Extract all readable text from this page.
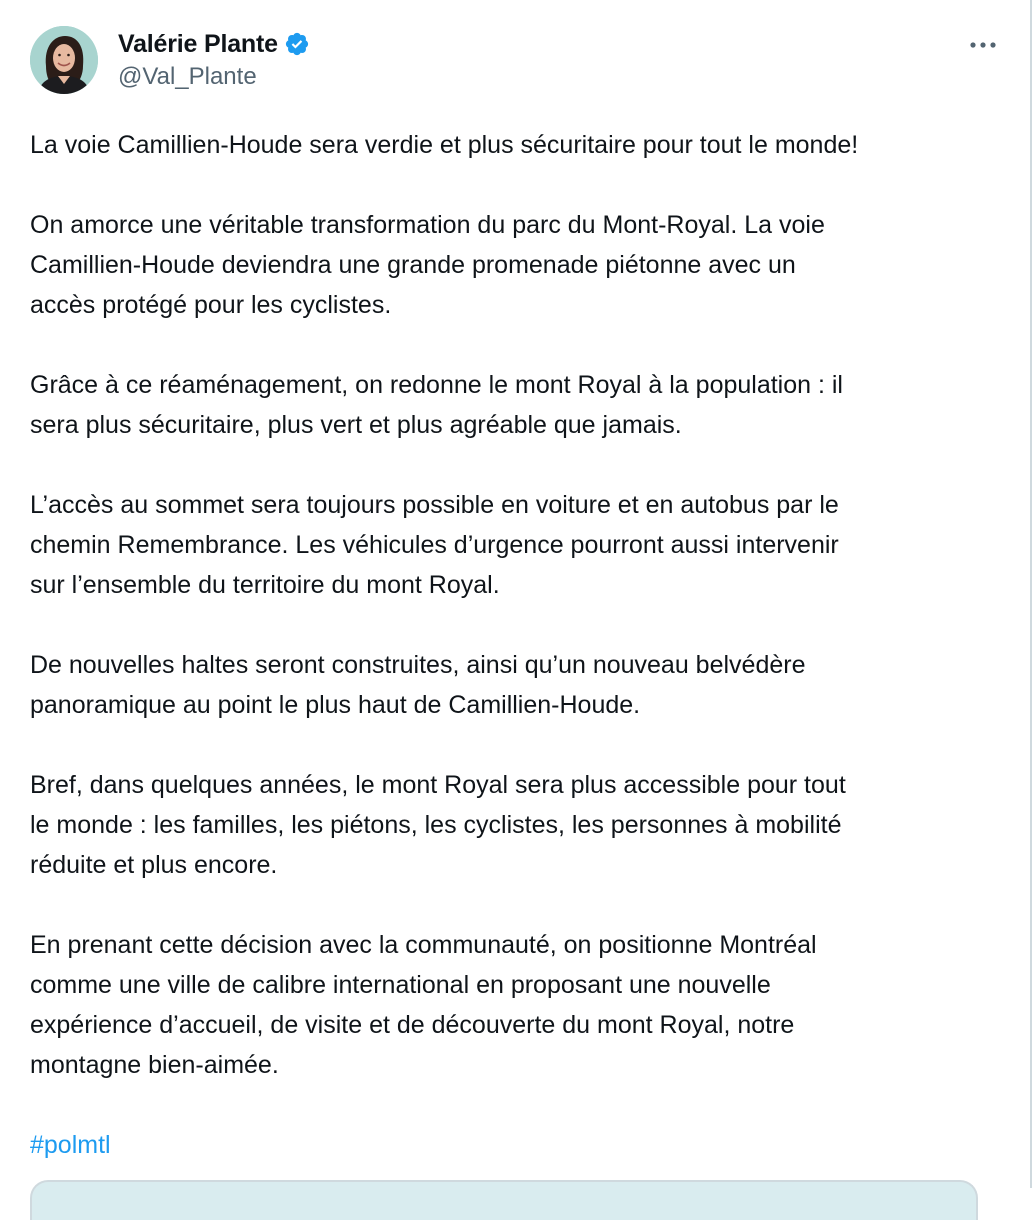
Valérie Plante
@Val_Plante

La voie Camillien-Houde sera verdie et plus sécuritaire pour tout le monde!

On amorce une véritable transformation du parc du Mont-Royal. La voie
Camillien-Houde deviendra une grande promenade piétonne avec un
accès protégé pour les cyclistes.

Grâce à ce réaménagement, on redonne le mont Royal à la population : il
sera plus sécuritaire, plus vert et plus agréable que jamais.

L’accès au sommet sera toujours possible en voiture et en autobus par le
chemin Remembrance. Les véhicules d’urgence pourront aussi intervenir
sur l’ensemble du territoire du mont Royal.

De nouvelles haltes seront construites, ainsi qu’un nouveau belvédère
panoramique au point le plus haut de Camillien-Houde.

Bref, dans quelques années, le mont Royal sera plus accessible pour tout
le monde : les familles, les piétons, les cyclistes, les personnes à mobilité
réduite et plus encore.

En prenant cette décision avec la communauté, on positionne Montréal
comme une ville de calibre international en proposant une nouvelle
expérience d’accueil, de visite et de découverte du mont Royal, notre
montagne bien-aimée.

#polmtl
